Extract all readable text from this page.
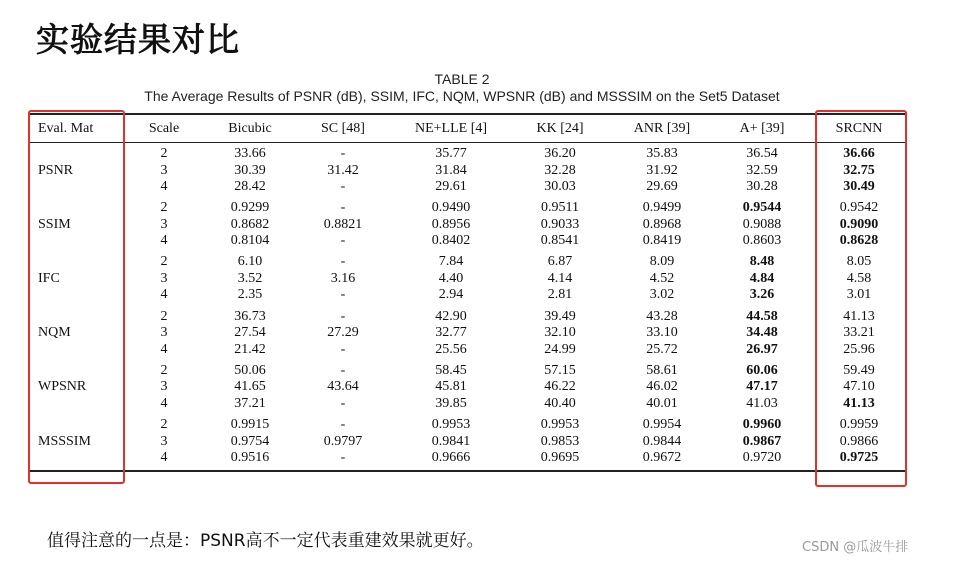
实验结果对比
TABLE 2
The Average Results of PSNR (dB), SSIM, IFC, NQM, WPSNR (dB) and MSSSIM on the Set5 Dataset
Eval. Mat	Scale	Bicubic	SC [48]	NE+LLE [4]	KK [24]	ANR [39]	A+ [39]	SRCNN
PSNR
2	33.66	-	35.77	36.20	35.83	36.54	36.66
3	30.39	31.42	31.84	32.28	31.92	32.59	32.75
4	28.42	-	29.61	30.03	29.69	30.28	30.49
SSIM
2	0.9299	-	0.9490	0.9511	0.9499	0.9544	0.9542
3	0.8682	0.8821	0.8956	0.9033	0.8968	0.9088	0.9090
4	0.8104	-	0.8402	0.8541	0.8419	0.8603	0.8628
IFC
2	6.10	-	7.84	6.87	8.09	8.48	8.05
3	3.52	3.16	4.40	4.14	4.52	4.84	4.58
4	2.35	-	2.94	2.81	3.02	3.26	3.01
NQM
2	36.73	-	42.90	39.49	43.28	44.58	41.13
3	27.54	27.29	32.77	32.10	33.10	34.48	33.21
4	21.42	-	25.56	24.99	25.72	26.97	25.96
WPSNR
2	50.06	-	58.45	57.15	58.61	60.06	59.49
3	41.65	43.64	45.81	46.22	46.02	47.17	47.10
4	37.21	-	39.85	40.40	40.01	41.03	41.13
MSSSIM
2	0.9915	-	0.9953	0.9953	0.9954	0.9960	0.9959
3	0.9754	0.9797	0.9841	0.9853	0.9844	0.9867	0.9866
4	0.9516	-	0.9666	0.9695	0.9672	0.9720	0.9725
值得注意的一点是：PSNR高不一定代表重建效果就更好。	CSDN @瓜波牛排
